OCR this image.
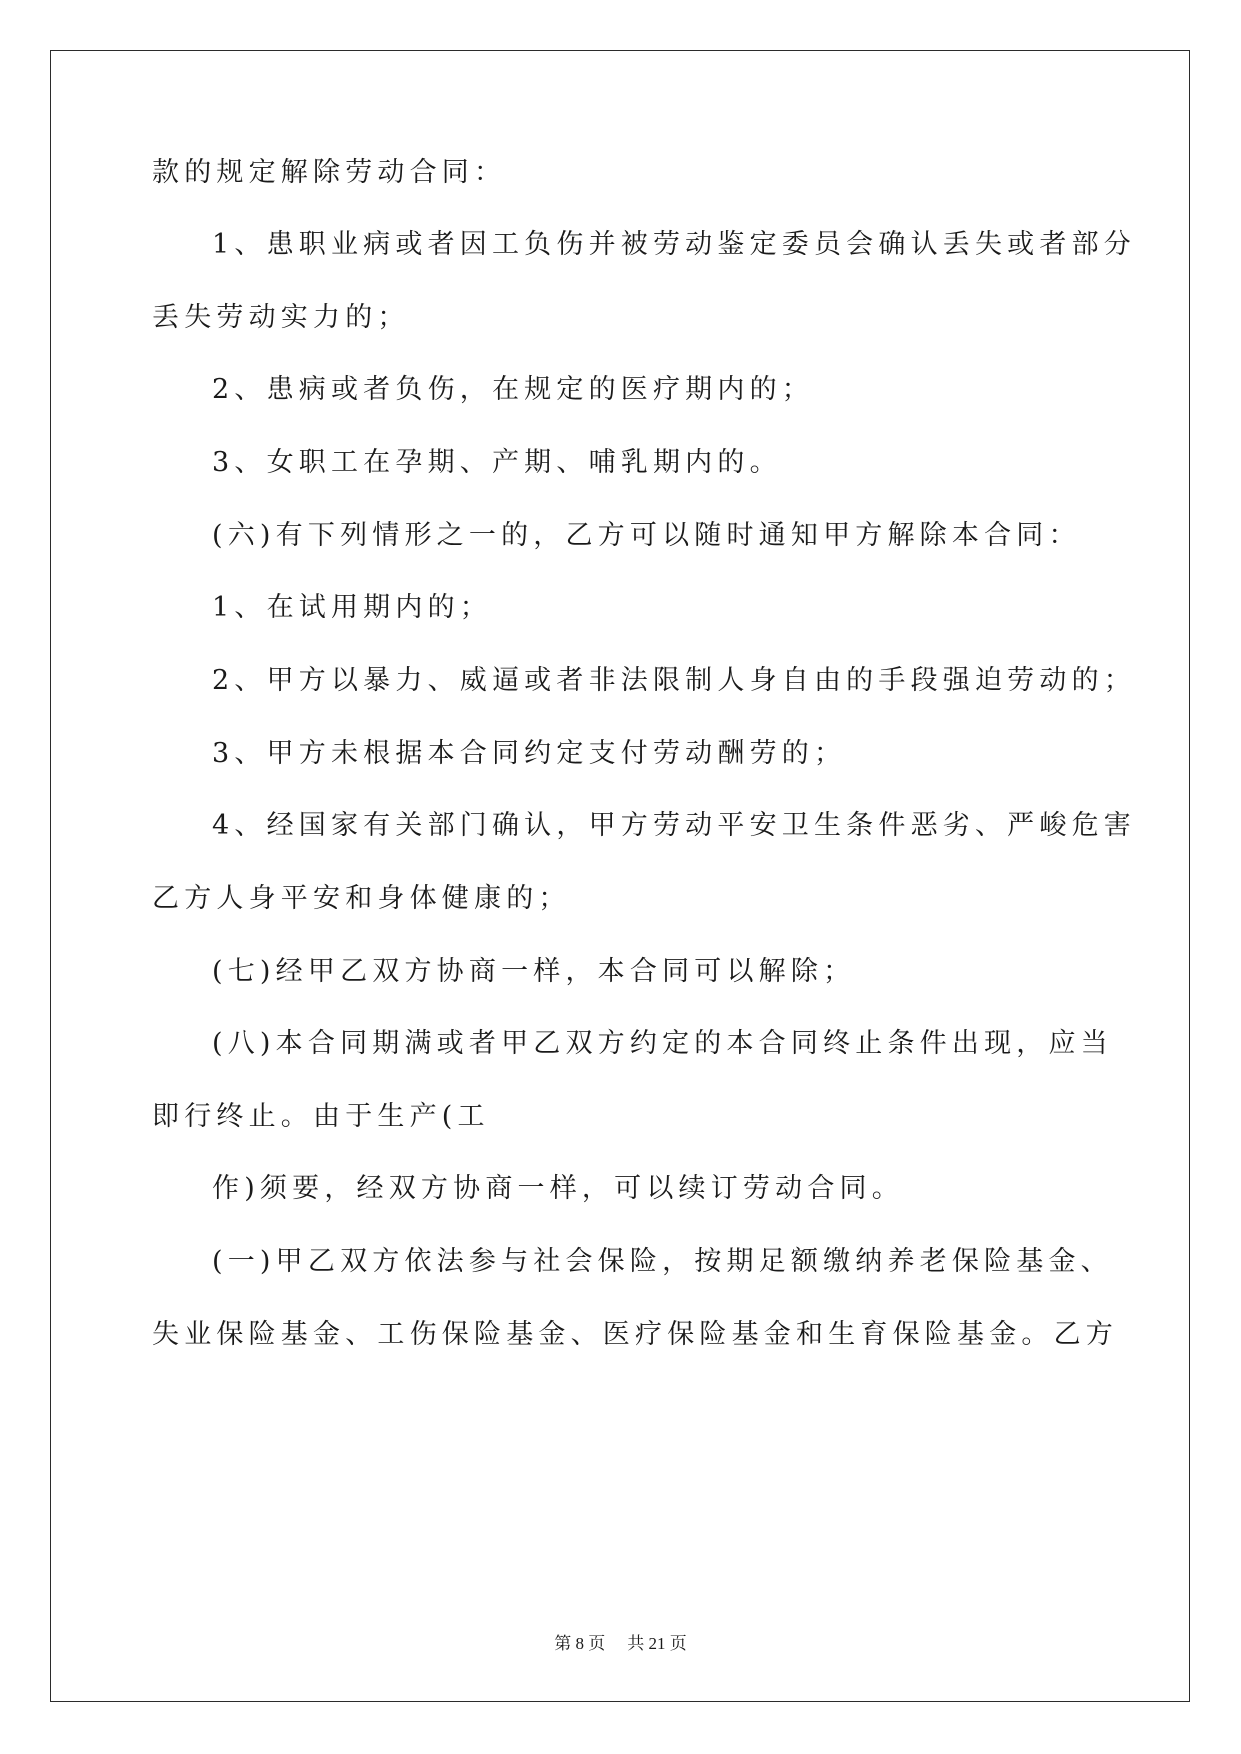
款的规定解除劳动合同：
1、患职业病或者因工负伤并被劳动鉴定委员会确认丢失或者部分
丢失劳动实力的；
2、患病或者负伤，在规定的医疗期内的；
3、女职工在孕期、产期、哺乳期内的。
(六)有下列情形之一的，乙方可以随时通知甲方解除本合同：
1、在试用期内的；
2、甲方以暴力、威逼或者非法限制人身自由的手段强迫劳动的；
3、甲方未根据本合同约定支付劳动酬劳的；
4、经国家有关部门确认，甲方劳动平安卫生条件恶劣、严峻危害
乙方人身平安和身体健康的；
(七)经甲乙双方协商一样，本合同可以解除；
(八)本合同期满或者甲乙双方约定的本合同终止条件出现，应当
即行终止。由于生产(工
作)须要，经双方协商一样，可以续订劳动合同。
(一)甲乙双方依法参与社会保险，按期足额缴纳养老保险基金、
失业保险基金、工伤保险基金、医疗保险基金和生育保险基金。乙方
第 8 页 共 21 页
